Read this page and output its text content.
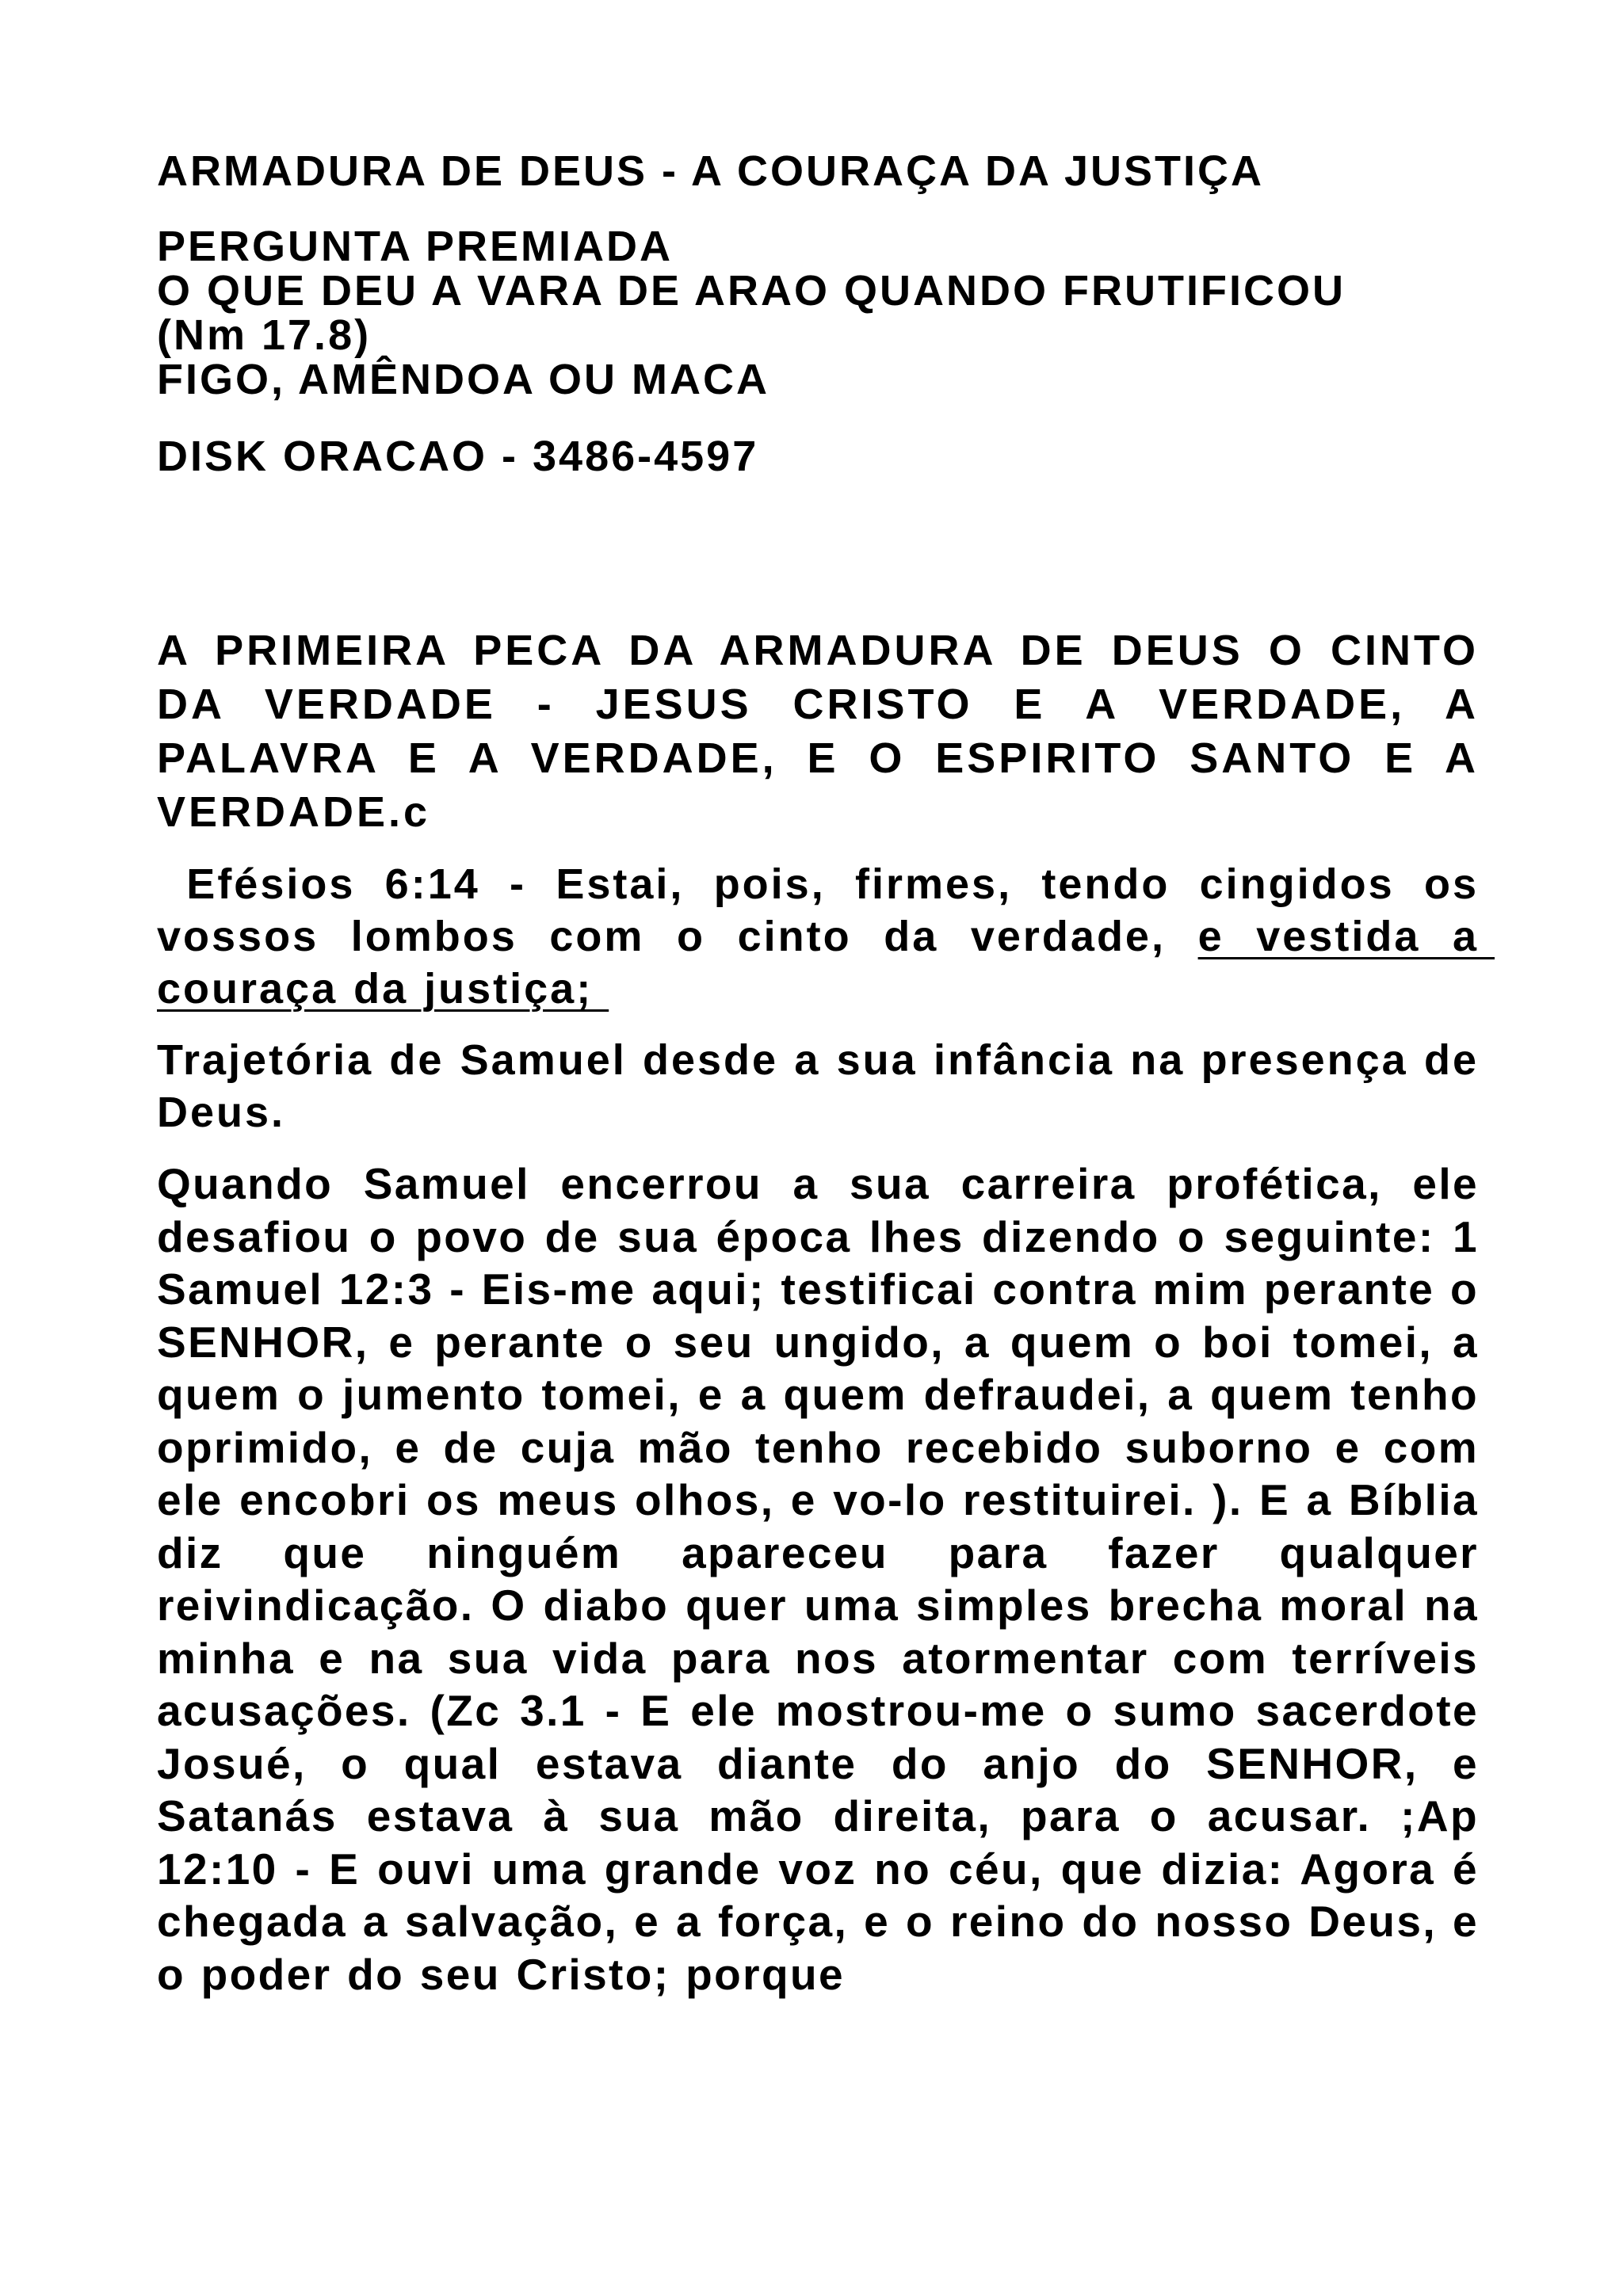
ARMADURA DE DEUS - A COURAÇA DA JUSTIÇA

PERGUNTA PREMIADA
O QUE DEU A VARA DE ARAO QUANDO FRUTIFICOU (Nm 17.8)
FIGO, AMÊNDOA OU MACA

DISK ORACAO - 3486-4597

A PRIMEIRA PECA DA ARMADURA DE DEUS O CINTO DA VERDADE - JESUS CRISTO E A VERDADE, A PALAVRA E A VERDADE, E O ESPIRITO SANTO E A VERDADE.c

Efésios 6:14 - Estai, pois, firmes, tendo cingidos os vossos lombos com o cinto da verdade, e vestida a couraça da justiça;

Trajetória de Samuel desde a sua infância na presença de Deus.

Quando Samuel encerrou a sua carreira profética, ele desafiou o povo de sua época lhes dizendo o seguinte: 1 Samuel 12:3 - Eis-me aqui; testificai contra mim perante o SENHOR, e perante o seu ungido, a quem o boi tomei, a quem o jumento tomei, e a quem defraudei, a quem tenho oprimido, e de cuja mão tenho recebido suborno e com ele encobri os meus olhos, e vo-lo restituirei. ). E a Bíblia diz que ninguém apareceu para fazer qualquer reivindicação. O diabo quer uma simples brecha moral na minha e na sua vida para nos atormentar com terríveis acusações. (Zc 3.1 - E ele mostrou-me o sumo sacerdote Josué, o qual estava diante do anjo do SENHOR, e Satanás estava à sua mão direita, para o acusar. ;Ap 12:10 - E ouvi uma grande voz no céu, que dizia: Agora é chegada a salvação, e a força, e o reino do nosso Deus, e o poder do seu Cristo; porque
